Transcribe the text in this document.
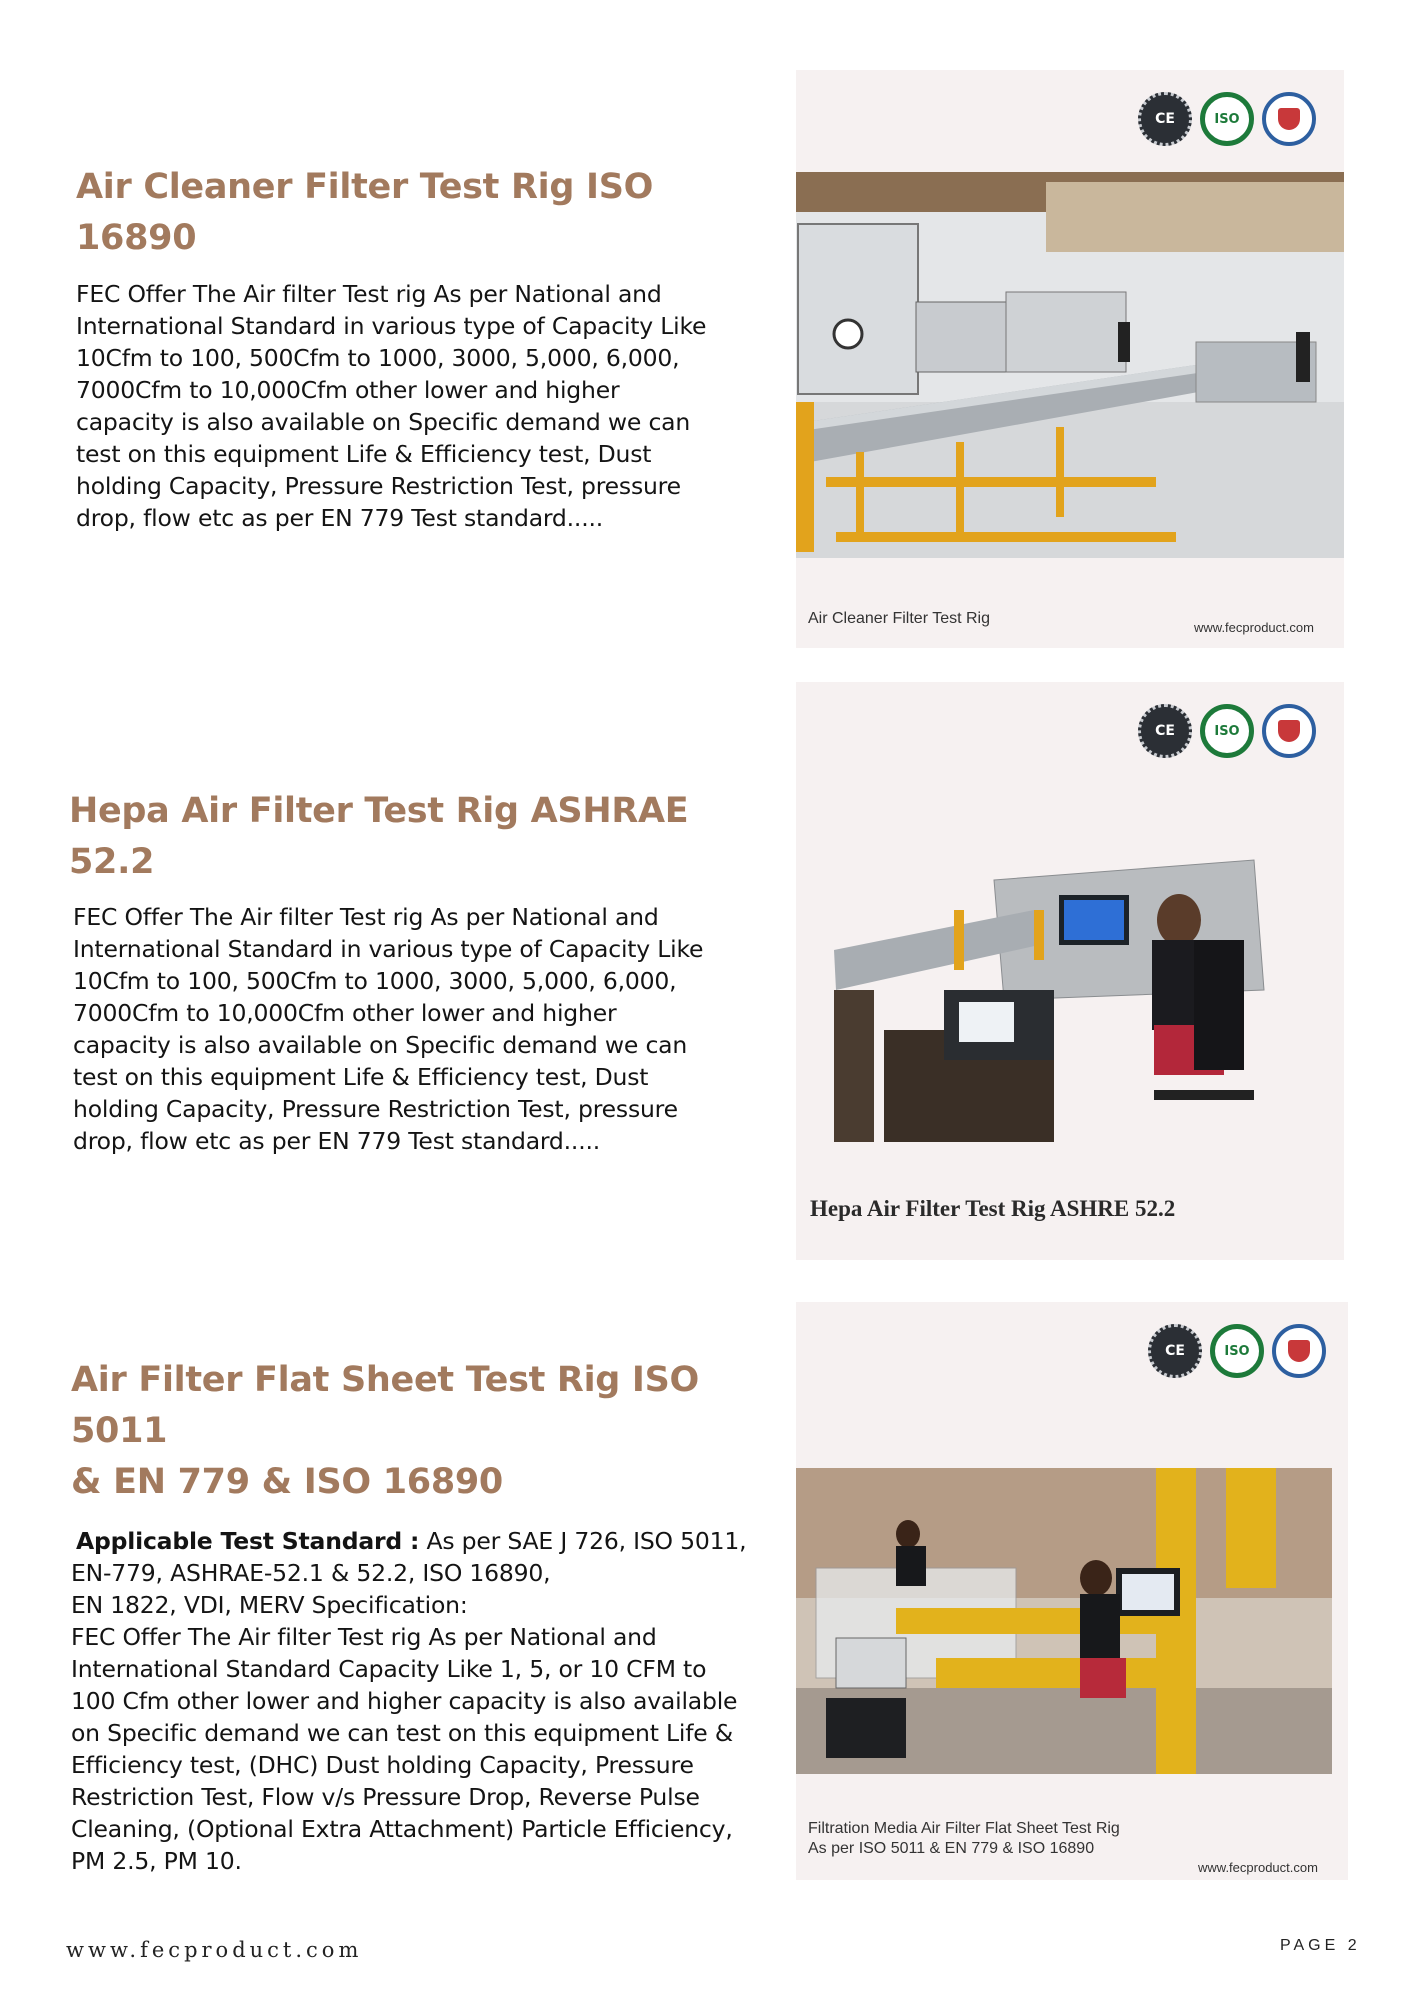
Air Cleaner Filter Test Rig ISO 16890
FEC Offer The Air filter Test rig As per National and
International Standard in various type of Capacity Like
10Cfm to 100, 500Cfm to 1000, 3000, 5,000, 6,000,
7000Cfm to 10,000Cfm other lower and higher
capacity is also available on Specific demand we can
test on this equipment Life & Efficiency test, Dust
holding Capacity, Pressure Restriction Test, pressure
drop, flow etc as per EN 779 Test standard.....
CE	ISO
Air Cleaner Filter Test Rig
www.fecproduct.com
Hepa Air Filter Test Rig ASHRAE 52.2
FEC Offer The Air filter Test rig As per National and
International Standard in various type of Capacity Like
10Cfm to 100, 500Cfm to 1000, 3000, 5,000, 6,000,
7000Cfm to 10,000Cfm other lower and higher
capacity is also available on Specific demand we can
test on this equipment Life & Efficiency test, Dust
holding Capacity, Pressure Restriction Test, pressure
drop, flow etc as per EN 779 Test standard.....
CE	ISO
Hepa Air Filter Test Rig ASHRE 52.2
Air Filter Flat Sheet Test Rig ISO 5011
& EN 779 & ISO 16890
Applicable Test Standard : As per SAE J 726, ISO 5011,
EN-779, ASHRAE-52.1 & 52.2, ISO 16890,
EN 1822, VDI, MERV Specification:
FEC Offer The Air filter Test rig As per National and
International Standard Capacity Like 1, 5, or 10 CFM to
100 Cfm other lower and higher capacity is also available
on Specific demand we can test on this equipment Life &
Efficiency test, (DHC) Dust holding Capacity, Pressure
Restriction Test, Flow v/s Pressure Drop, Reverse Pulse
Cleaning, (Optional Extra Attachment) Particle Efficiency,
PM 2.5, PM 10.
CE	ISO
Filtration Media Air Filter Flat Sheet Test Rig
As per ISO 5011 & EN 779 & ISO 16890
www.fecproduct.com
www.fecproduct.com	PAGE 2
